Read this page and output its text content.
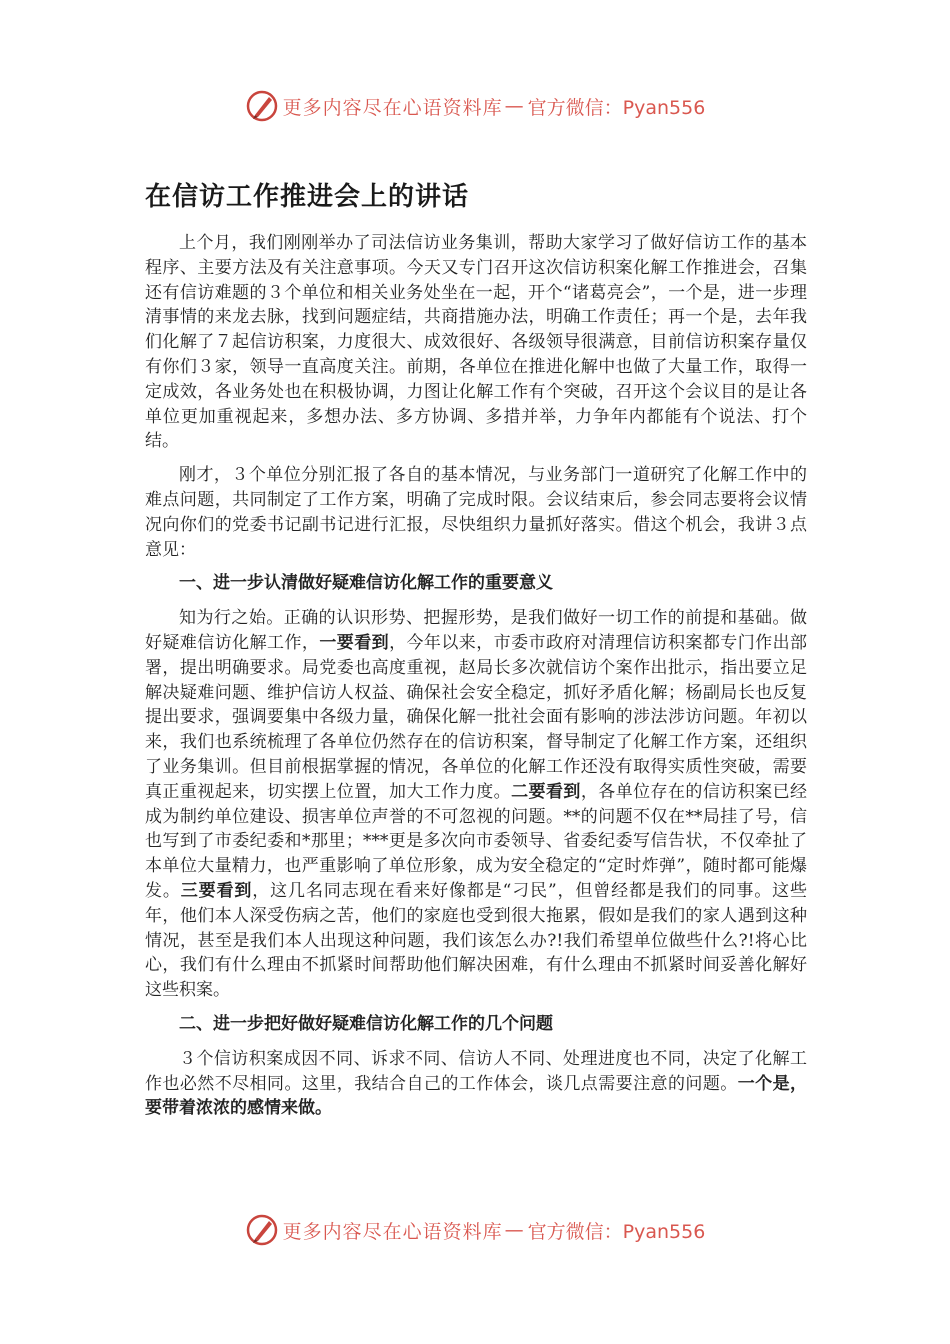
更多内容尽在心语资料库 — 官方微信：Pyan556
在信访工作推进会上的讲话

上个月，我们刚刚举办了司法信访业务集训，帮助大家学习了做好信访工作的基本程序、主要方法及有关注意事项。今天又专门召开这次信访积案化解工作推进会，召集还有信访难题的３个单位和相关业务处坐在一起，开个“诸葛亮会”，一个是，进一步理清事情的来龙去脉，找到问题症结，共商措施办法，明确工作责任；再一个是，去年我们化解了７起信访积案，力度很大、成效很好、各级领导很满意，目前信访积案存量仅有你们３家，领导一直高度关注。前期，各单位在推进化解中也做了大量工作，取得一定成效，各业务处也在积极协调，力图让化解工作有个突破，召开这个会议目的是让各单位更加重视起来，多想办法、多方协调、多措并举，力争年内都能有个说法、打个结。

刚才，３个单位分别汇报了各自的基本情况，与业务部门一道研究了化解工作中的难点问题，共同制定了工作方案，明确了完成时限。会议结束后，参会同志要将会议情况向你们的党委书记副书记进行汇报，尽快组织力量抓好落实。借这个机会，我讲３点意见：

一、进一步认清做好疑难信访化解工作的重要意义

知为行之始。正确的认识形势、把握形势，是我们做好一切工作的前提和基础。做好疑难信访化解工作，一要看到，今年以来，市委市政府对清理信访积案都专门作出部署，提出明确要求。局党委也高度重视，赵局长多次就信访个案作出批示，指出要立足解决疑难问题、维护信访人权益、确保社会安全稳定，抓好矛盾化解；杨副局长也反复提出要求，强调要集中各级力量，确保化解一批社会面有影响的涉法涉访问题。年初以来，我们也系统梳理了各单位仍然存在的信访积案，督导制定了化解工作方案，还组织了业务集训。但目前根据掌握的情况，各单位的化解工作还没有取得实质性突破，需要真正重视起来，切实摆上位置，加大工作力度。二要看到，各单位存在的信访积案已经成为制约单位建设、损害单位声誉的不可忽视的问题。**的问题不仅在**局挂了号，信也写到了市委纪委和*那里；***更是多次向市委领导、省委纪委写信告状，不仅牵扯了本单位大量精力，也严重影响了单位形象，成为安全稳定的“定时炸弹”，随时都可能爆发。三要看到，这几名同志现在看来好像都是“刁民”，但曾经都是我们的同事。这些年，他们本人深受伤病之苦，他们的家庭也受到很大拖累，假如是我们的家人遇到这种情况，甚至是我们本人出现这种问题，我们该怎么办?!我们希望单位做些什么?!将心比心，我们有什么理由不抓紧时间帮助他们解决困难，有什么理由不抓紧时间妥善化解好这些积案。

二、进一步把好做好疑难信访化解工作的几个问题

３个信访积案成因不同、诉求不同、信访人不同、处理进度也不同，决定了化解工作也必然不尽相同。这里，我结合自己的工作体会，谈几点需要注意的问题。一个是，要带着浓浓的感情来做。

更多内容尽在心语资料库 — 官方微信：Pyan556
